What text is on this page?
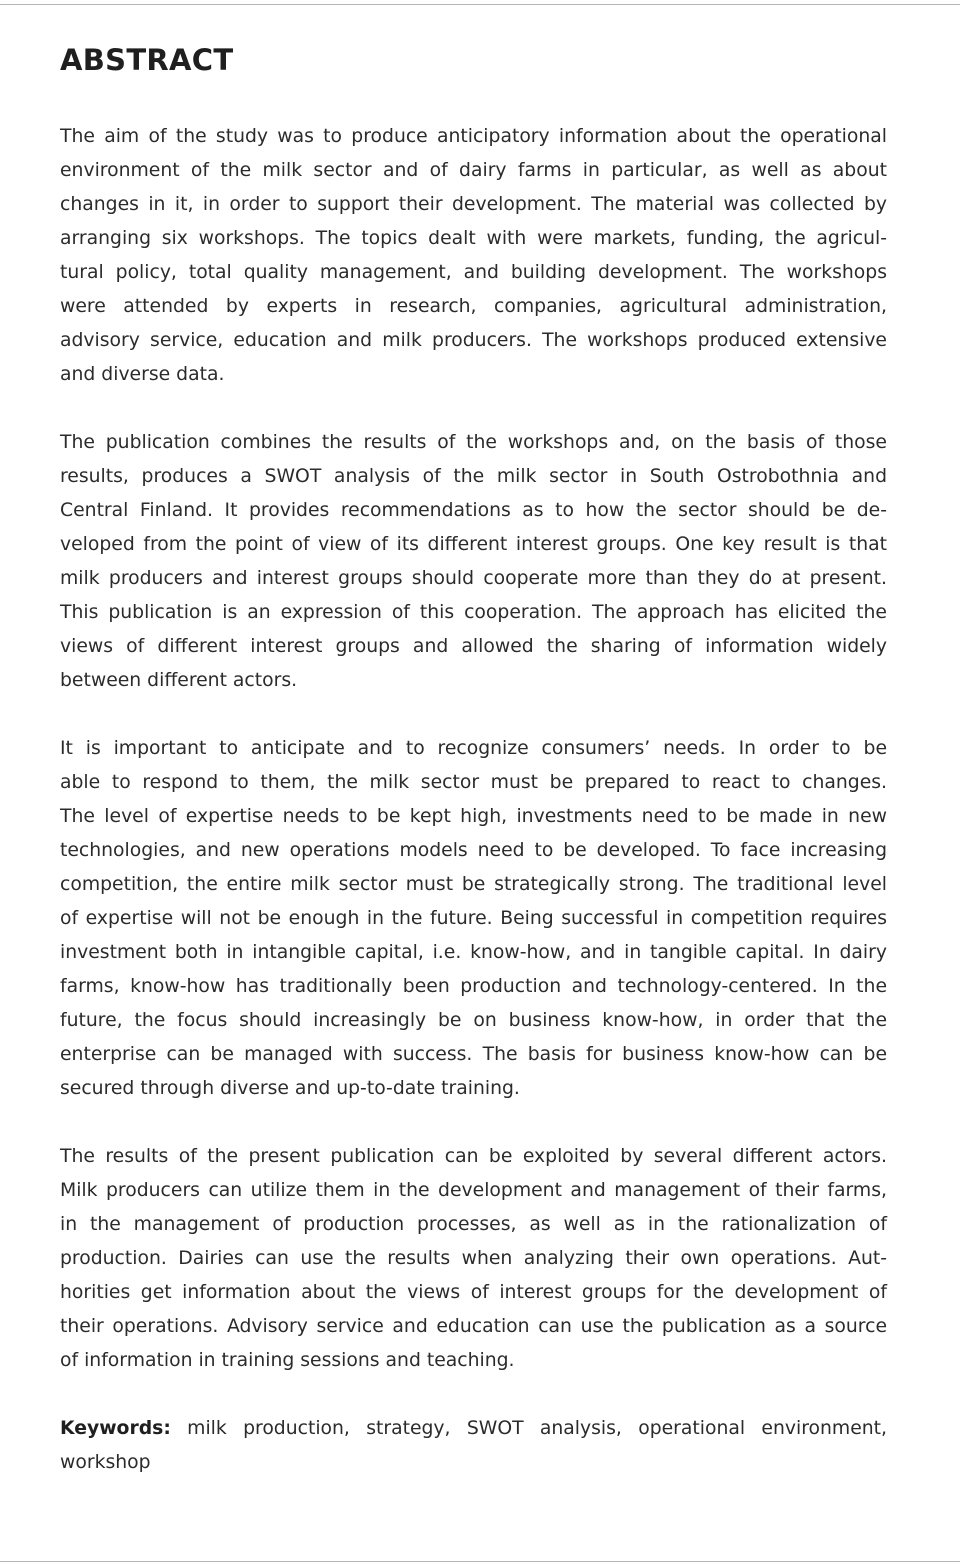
ABSTRACT
The aim of the study was to produce anticipatory information about the operational
environment of the milk sector and of dairy farms in particular, as well as about
changes in it, in order to support their development. The material was collected by
arranging six workshops. The topics dealt with were markets, funding, the agricul-
tural policy, total quality management, and building development. The workshops
were attended by experts in research, companies, agricultural administration,
advisory service, education and milk producers. The workshops produced extensive
and diverse data.
The publication combines the results of the workshops and, on the basis of those
results, produces a SWOT analysis of the milk sector in South Ostrobothnia and
Central Finland. It provides recommendations as to how the sector should be de-
veloped from the point of view of its different interest groups. One key result is that
milk producers and interest groups should cooperate more than they do at present.
This publication is an expression of this cooperation. The approach has elicited the
views of different interest groups and allowed the sharing of information widely
between different actors.
It is important to anticipate and to recognize consumers’ needs. In order to be
able to respond to them, the milk sector must be prepared to react to changes.
The level of expertise needs to be kept high, investments need to be made in new
technologies, and new operations models need to be developed. To face increasing
competition, the entire milk sector must be strategically strong. The traditional level
of expertise will not be enough in the future. Being successful in competition requires
investment both in intangible capital, i.e. know-how, and in tangible capital. In dairy
farms, know-how has traditionally been production and technology-centered. In the
future, the focus should increasingly be on business know-how, in order that the
enterprise can be managed with success. The basis for business know-how can be
secured through diverse and up-to-date training.
The results of the present publication can be exploited by several different actors.
Milk producers can utilize them in the development and management of their farms,
in the management of production processes, as well as in the rationalization of
production. Dairies can use the results when analyzing their own operations. Aut-
horities get information about the views of interest groups for the development of
their operations. Advisory service and education can use the publication as a source
of information in training sessions and teaching.
Keywords: milk production, strategy, SWOT analysis, operational environment,
workshop
